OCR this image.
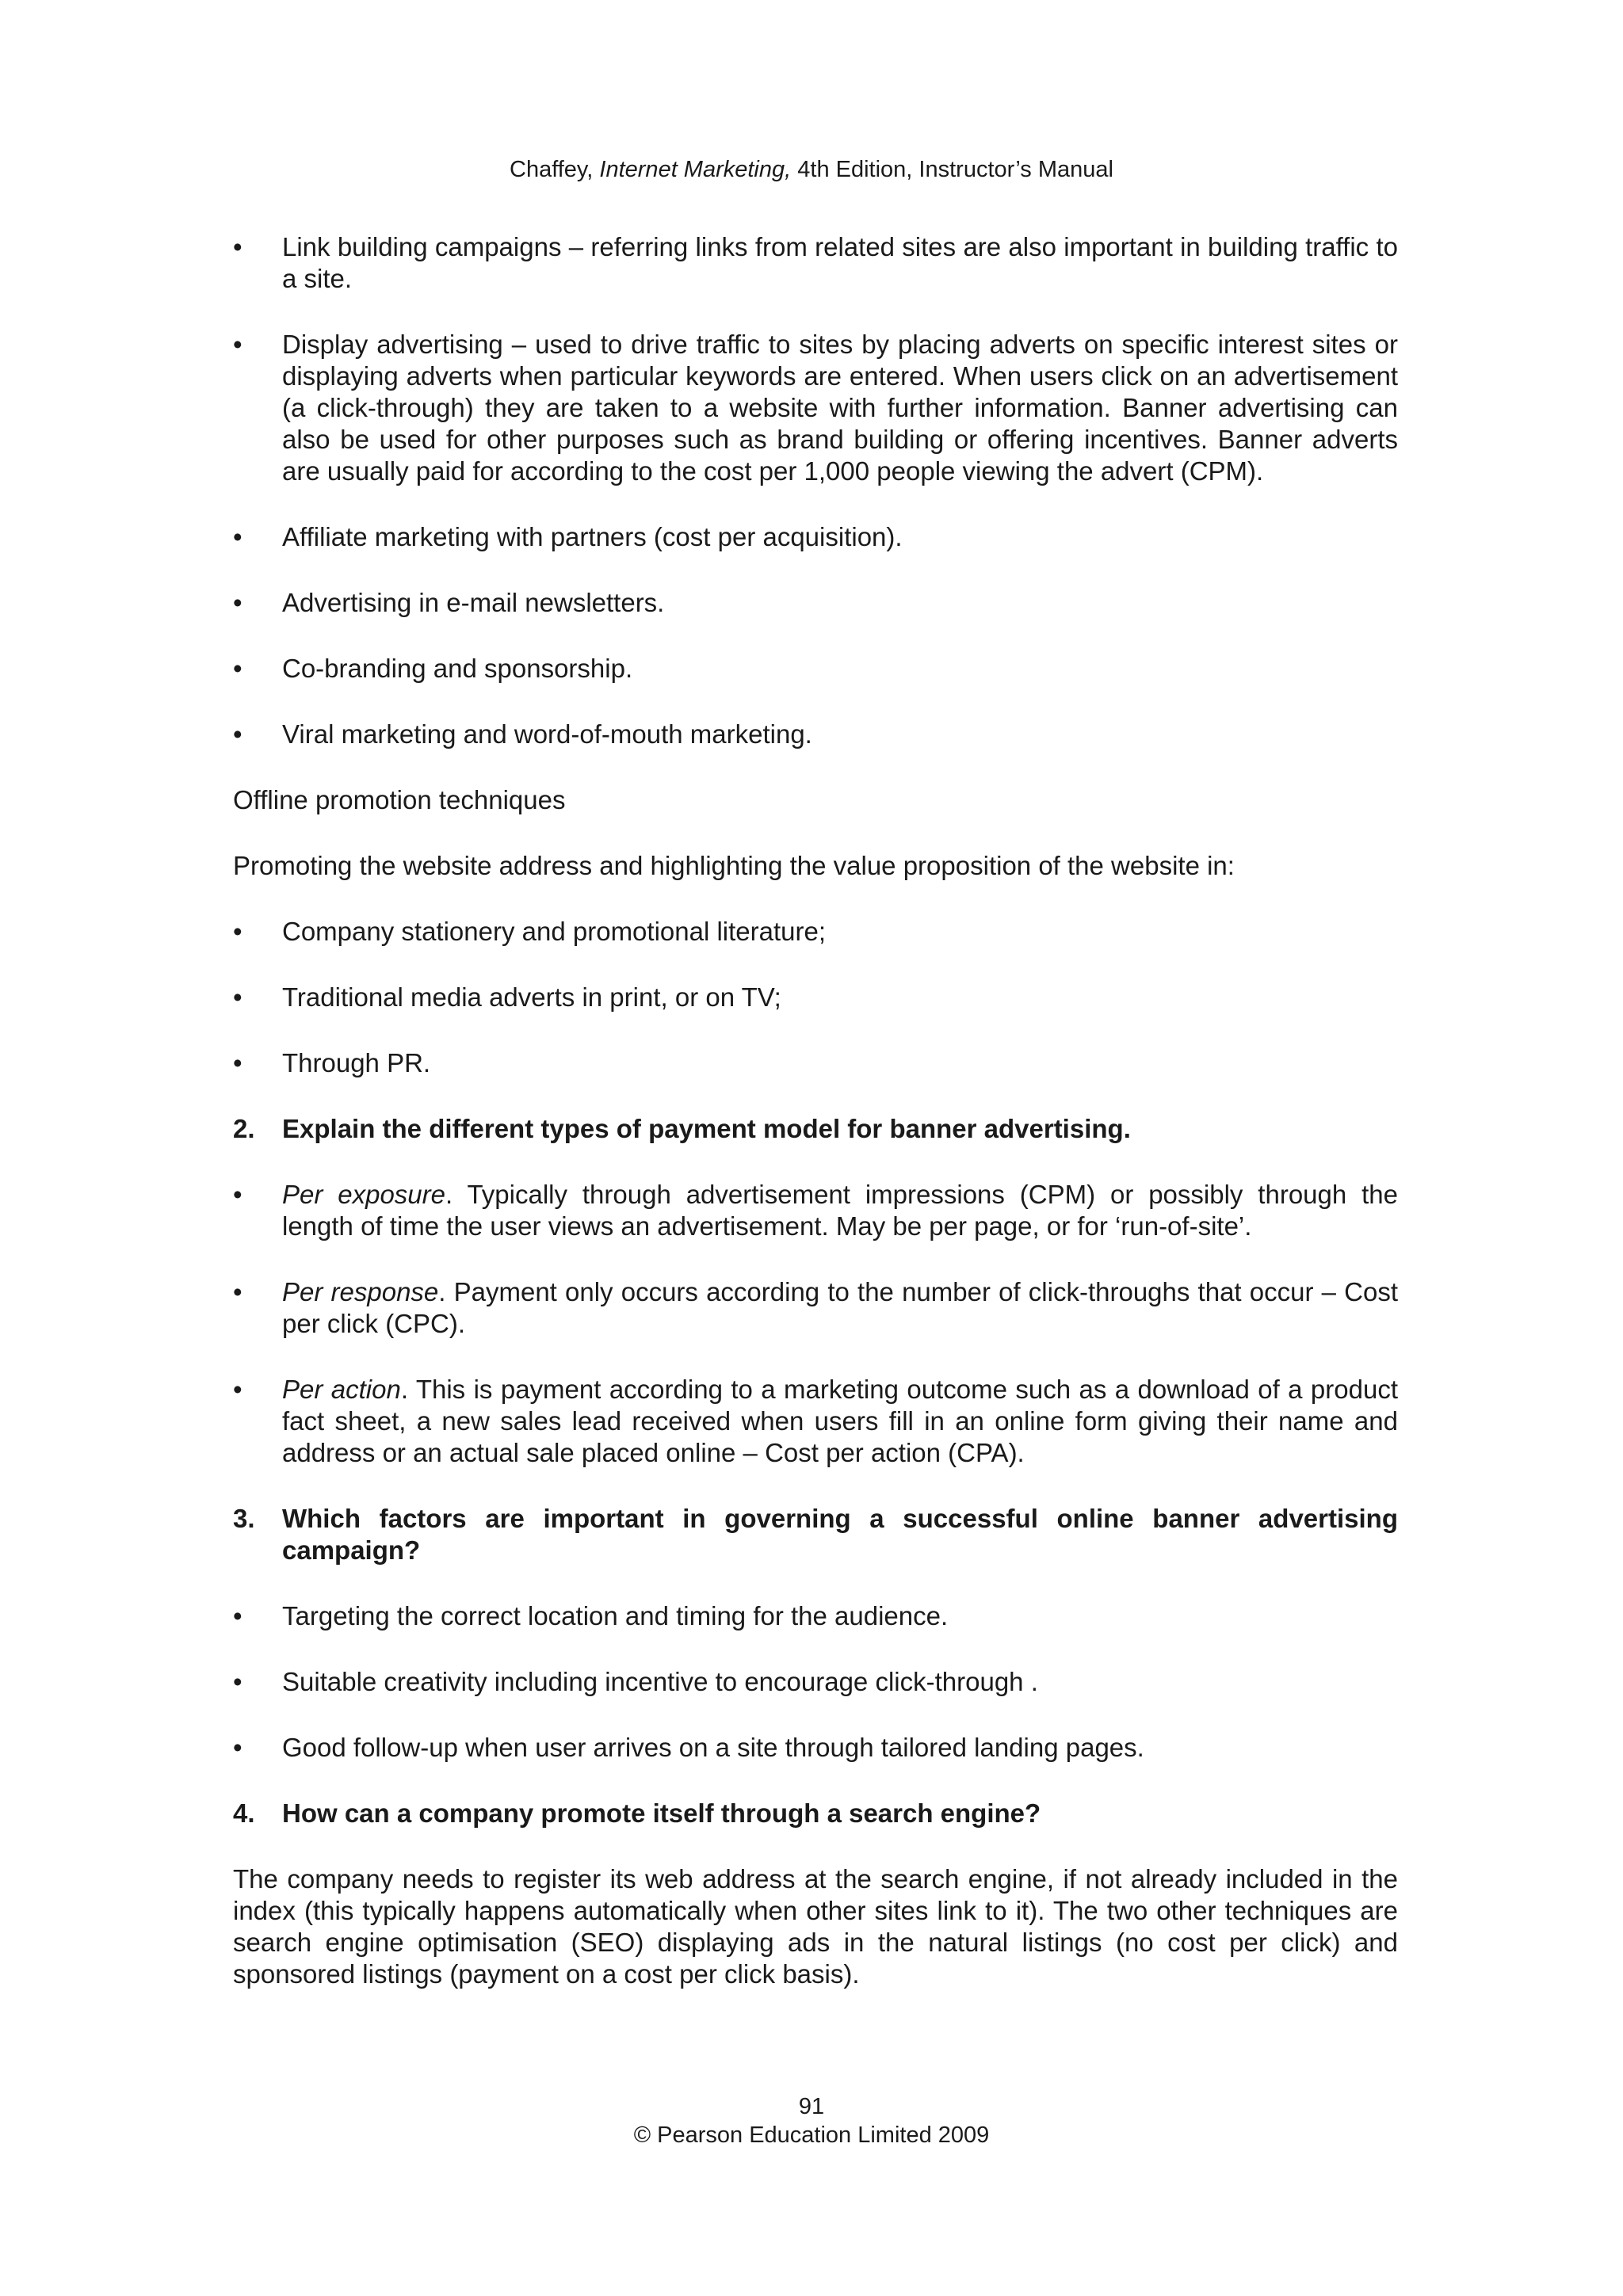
Chaffey, Internet Marketing, 4th Edition, Instructor’s Manual
•	Link building campaigns – referring links from related sites are also important in building traffic to a site.
•	Display advertising – used to drive traffic to sites by placing adverts on specific interest sites or displaying adverts when particular keywords are entered. When users click on an advertisement (a click-through) they are taken to a website with further information. Banner advertising can also be used for other purposes such as brand building or offering incentives. Banner adverts are usually paid for according to the cost per 1,000 people viewing the advert (CPM).
•	Affiliate marketing with partners (cost per acquisition).
•	Advertising in e-mail newsletters.
•	Co-branding and sponsorship.
•	Viral marketing and word-of-mouth marketing.

Offline promotion techniques

Promoting the website address and highlighting the value proposition of the website in:

•	Company stationery and promotional literature;
•	Traditional media adverts in print, or on TV;
•	Through PR.
2. Explain the different types of payment model for banner advertising.
•	Per exposure. Typically through advertisement impressions (CPM) or possibly through the length of time the user views an advertisement. May be per page, or for ‘run-of-site’.
•	Per response. Payment only occurs according to the number of click-throughs that occur – Cost per click (CPC).
•	Per action. This is payment according to a marketing outcome such as a download of a product fact sheet, a new sales lead received when users fill in an online form giving their name and address or an actual sale placed online – Cost per action (CPA).
3. Which factors are important in governing a successful online banner advertising campaign?
•	Targeting the correct location and timing for the audience.
•	Suitable creativity including incentive to encourage click-through .
•	Good follow-up when user arrives on a site through tailored landing pages.
4. How can a company promote itself through a search engine?

The company needs to register its web address at the search engine, if not already included in the index (this typically happens automatically when other sites link to it). The two other techniques are search engine optimisation (SEO) displaying ads in the natural listings (no cost per click) and sponsored listings (payment on a cost per click basis).

91
© Pearson Education Limited 2009
